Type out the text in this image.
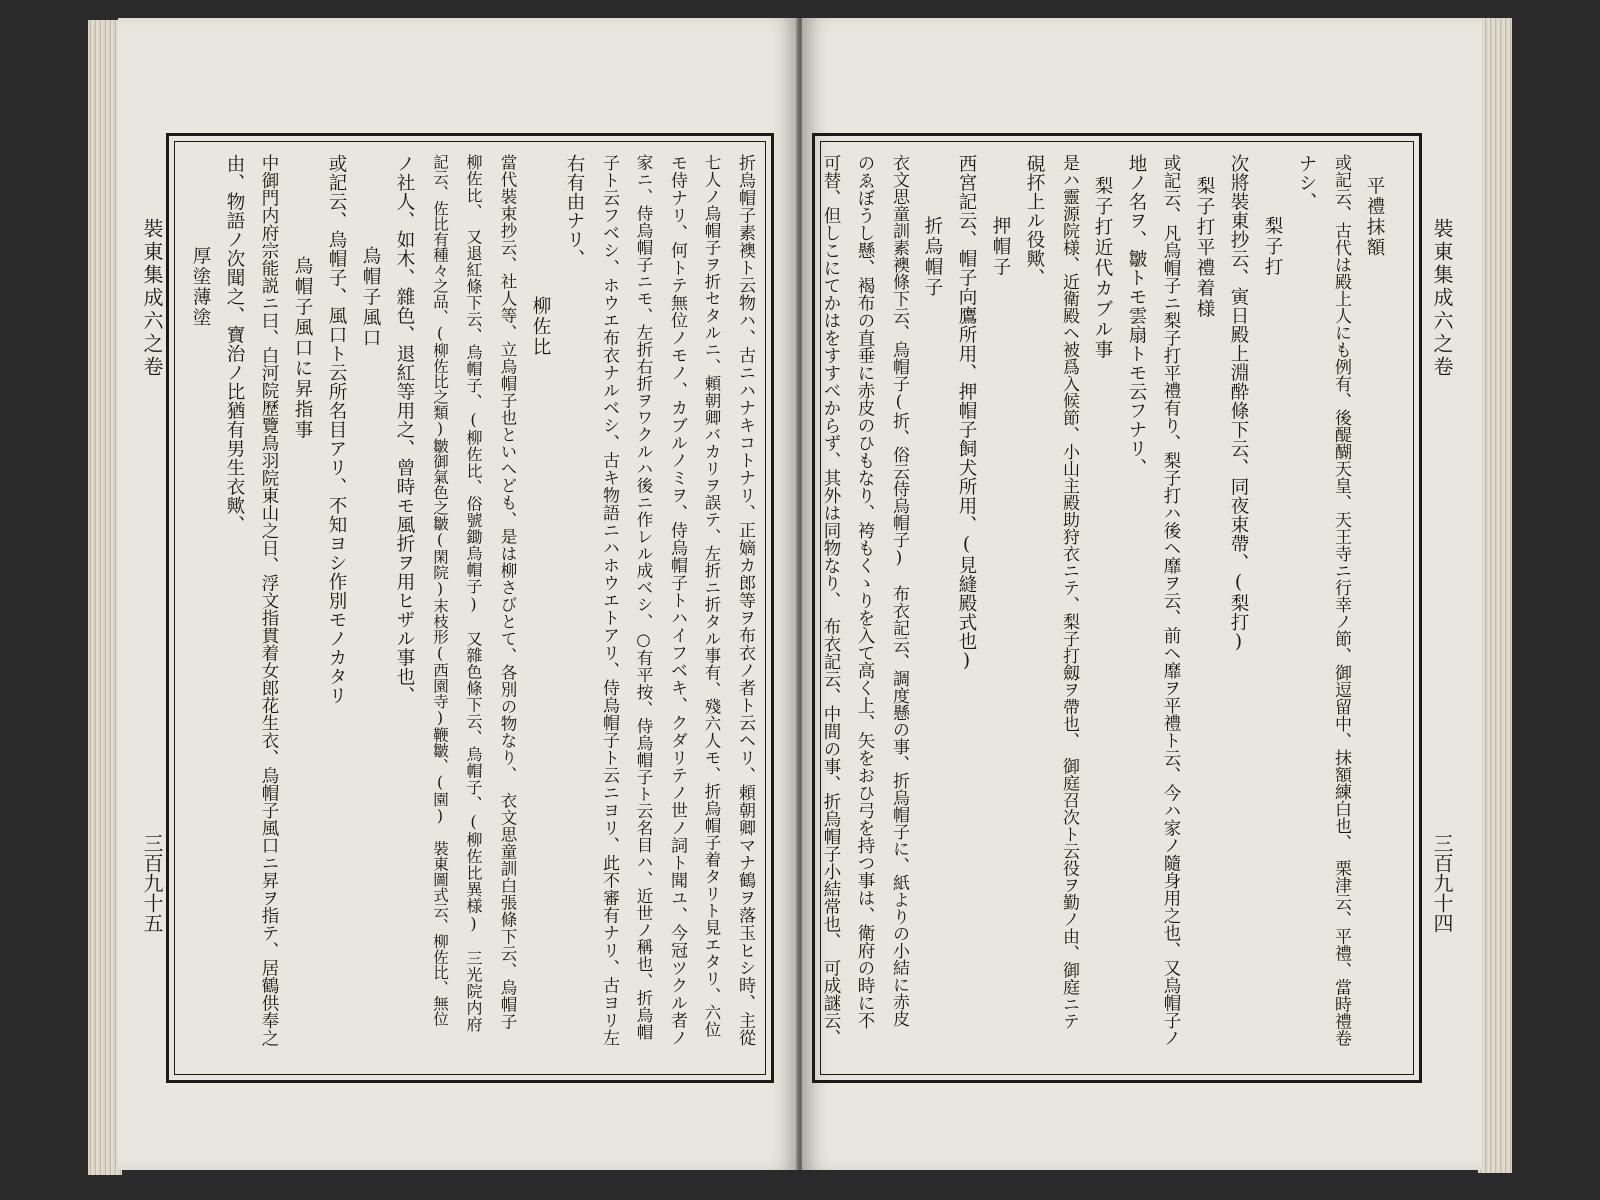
裝東集成六之卷
三百九十五	折烏帽子素襖ト云物ハ、古ニハナキコトナリ、正嫡カ郎等ヲ布衣ノ者ト云ヘリ、頼朝卿マナ鶴ヲ落玉ヒシ時、主從
七人ノ烏帽子ヲ折セタルニ、頼朝卿バカリヲ誤テ、左折ニ折タル事有、殘六人モ、折烏帽子着タリト見エタリ、六位
モ侍ナリ、何トテ無位ノモノ、カブルノミヲ、侍烏帽子トハイフベキ、クダリテノ世ノ詞ト聞ユ、今冠ツクル者ノ
家ニ、侍烏帽子ニモ、左折右折ヲワクルハ後ニ作レル成ベシ、○有平按、侍烏帽子ト云名目ハ、近世ノ稱也、折烏帽
子ト云フベシ、ホウエ布衣ナルベシ、古キ物語ニハホウエトアリ、侍烏帽子ト云ニヨリ、此不審有ナリ、古ヨリ左
右有由ナリ、
柳佐比
當代裝束抄云、社人等、立烏帽子也といへども、是は柳さびとて、各別の物なり、　衣文思童訓白張條下云、烏帽子
柳佐比、　又退紅條下云、烏帽子、(柳佐比、俗號鋤烏帽子)　又雜色條下云、烏帽子、(柳佐比異様)　三光院内府
記云、佐比有種々之品、(柳佐比之類)皺御氣色之皺(閑院)末枝形(西園寺)鞭皺、(園)　裝東圖式云、柳佐比、無位
ノ社人、如木、雜色、退紅等用之、曾時モ風折ヲ用ヒザル事也、
烏帽子風口
或記云、烏帽子、風口ト云所名目アリ、不知ヨシ作別モノカタリ
烏帽子風口に昇指事
中御門内府宗能説ニ曰、白河院歷覽鳥羽院東山之日、浮文指貫着女郎花生衣、烏帽子風口ニ昇ヲ指テ、居鶴供奉之
由、物語ノ次聞之、寶治ノ比猶有男生衣歟、
厚塗薄塗	裝東集成六之卷
三百九十四
平禮抹額
或記云、古代は殿上人にも例有、後醍醐天皇、天王寺ニ行幸ノ節、御逗留中、抹額練白也、　栗津云、平禮、當時禮卷
ナシ、
梨子打
次將裝東抄云、寅日殿上淵酔條下云、同夜束帶、(梨打)
梨子打平禮着様
或記云、凡烏帽子ニ梨子打平禮有り、梨子打ハ後ヘ靡ヲ云、前ヘ靡ヲ平禮ト云、今ハ家ノ隨身用之也、又烏帽子ノ
地ノ名ヲ、皺トモ雲扇トモ云フナリ、
梨子打近代カブル事
是ハ靈源院様、近衛殿ヘ被爲入候節、小山主殿助狩衣ニテ、梨子打劔ヲ帶也、　御庭召次ト云役ヲ勤ノ由、御庭ニテ
硯抔上ル役歟、
押帽子
西宮記云、帽子向鷹所用、押帽子飼犬所用、(見縫殿式也)
折烏帽子
衣文思童訓素襖條下云、烏帽子(折、俗云侍烏帽子)　布衣記云、調度懸の事、折烏帽子に、紙よりの小結に赤皮
のゑぼうし懸、褐布の直垂に赤皮のひもなり、袴もくゝりを入て高く上、矢をおひ弓を持つ事は、衛府の時に不
可替、但しこにてかはをすすべからず、其外は同物なり、　布衣記云、中間の事、折烏帽子小結常也、　可成謎云、
